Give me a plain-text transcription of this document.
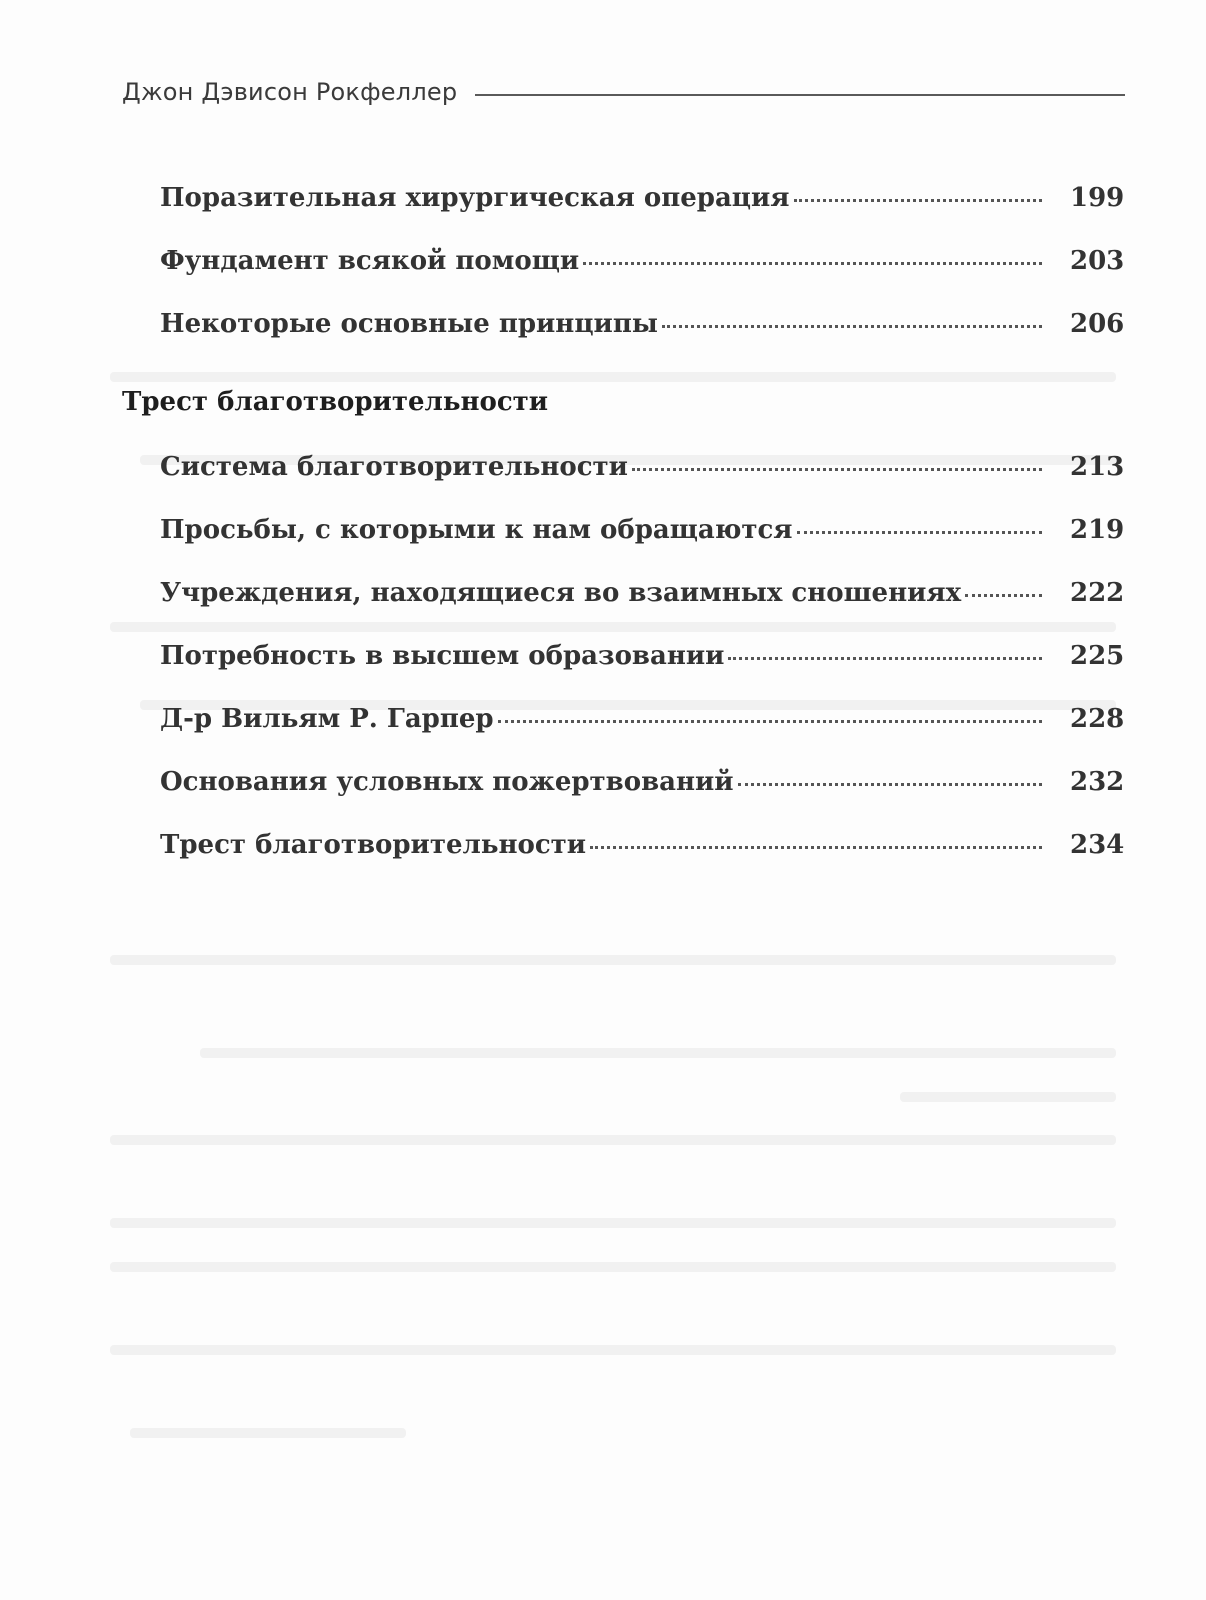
Джон Дэвисон Рокфеллер
Поразительная хирургическая операция	199
Фундамент всякой помощи	203
Некоторые основные принципы	206
Трест благотворительности
Система благотворительности	213
Просьбы, с которыми к нам обращаются	219
Учреждения, находящиеся во взаимных сношениях	222
Потребность в высшем образовании	225
Д-р Вильям Р. Гарпер	228
Основания условных пожертвований	232
Трест благотворительности	234
